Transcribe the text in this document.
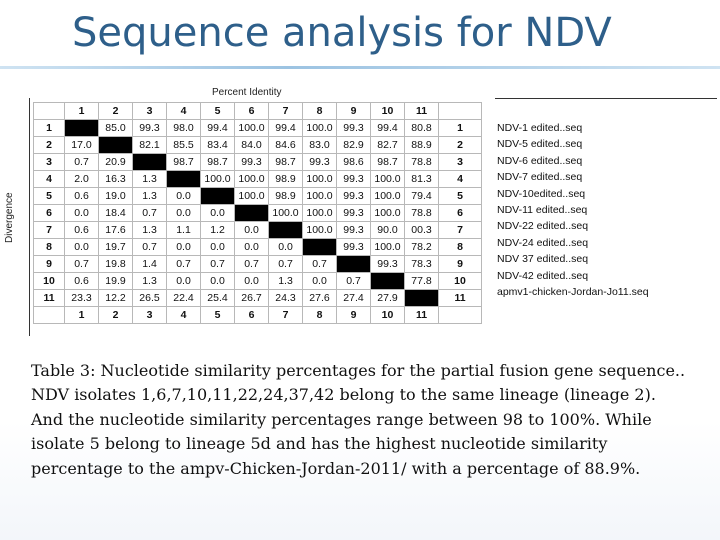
Sequence analysis for NDV
Percent Identity
Divergence
	1	2	3	4	5	6	7	8	9	10	11	
1		85.0	99.3	98.0	99.4	100.0	99.4	100.0	99.3	99.4	80.8	1
2	17.0		82.1	85.5	83.4	84.0	84.6	83.0	82.9	82.7	88.9	2
3	0.7	20.9		98.7	98.7	99.3	98.7	99.3	98.6	98.7	78.8	3
4	2.0	16.3	1.3		100.0	100.0	98.9	100.0	99.3	100.0	81.3	4
5	0.6	19.0	1.3	0.0		100.0	98.9	100.0	99.3	100.0	79.4	5
6	0.0	18.4	0.7	0.0	0.0		100.0	100.0	99.3	100.0	78.8	6
7	0.6	17.6	1.3	1.1	1.2	0.0		100.0	99.3	90.0	00.3	7
8	0.0	19.7	0.7	0.0	0.0	0.0	0.0		99.3	100.0	78.2	8
9	0.7	19.8	1.4	0.7	0.7	0.7	0.7	0.7		99.3	78.3	9
10	0.6	19.9	1.3	0.0	0.0	0.0	1.3	0.0	0.7		77.8	10
11	23.3	12.2	26.5	22.4	25.4	26.7	24.3	27.6	27.4	27.9		11
	1	2	3	4	5	6	7	8	9	10	11	
NDV-1 edited..seq
NDV-5 edited..seq
NDV-6 edited..seq
NDV-7 edited..seq
NDV-10edited..seq
NDV-11 edited..seq
NDV-22 edited..seq
NDV-24 edited..seq
NDV 37 edited..seq
NDV-42 edited..seq
apmv1-chicken-Jordan-Jo11.seq
Table 3: Nucleotide similarity percentages for the partial fusion gene sequence.. NDV isolates 1,6,7,10,11,22,24,37,42 belong to the same lineage (lineage 2). And the nucleotide similarity percentages range between 98 to 100%. While isolate 5 belong to lineage 5d and has the highest nucleotide similarity percentage to the ampv-Chicken-Jordan-2011/ with a percentage of 88.9%.
